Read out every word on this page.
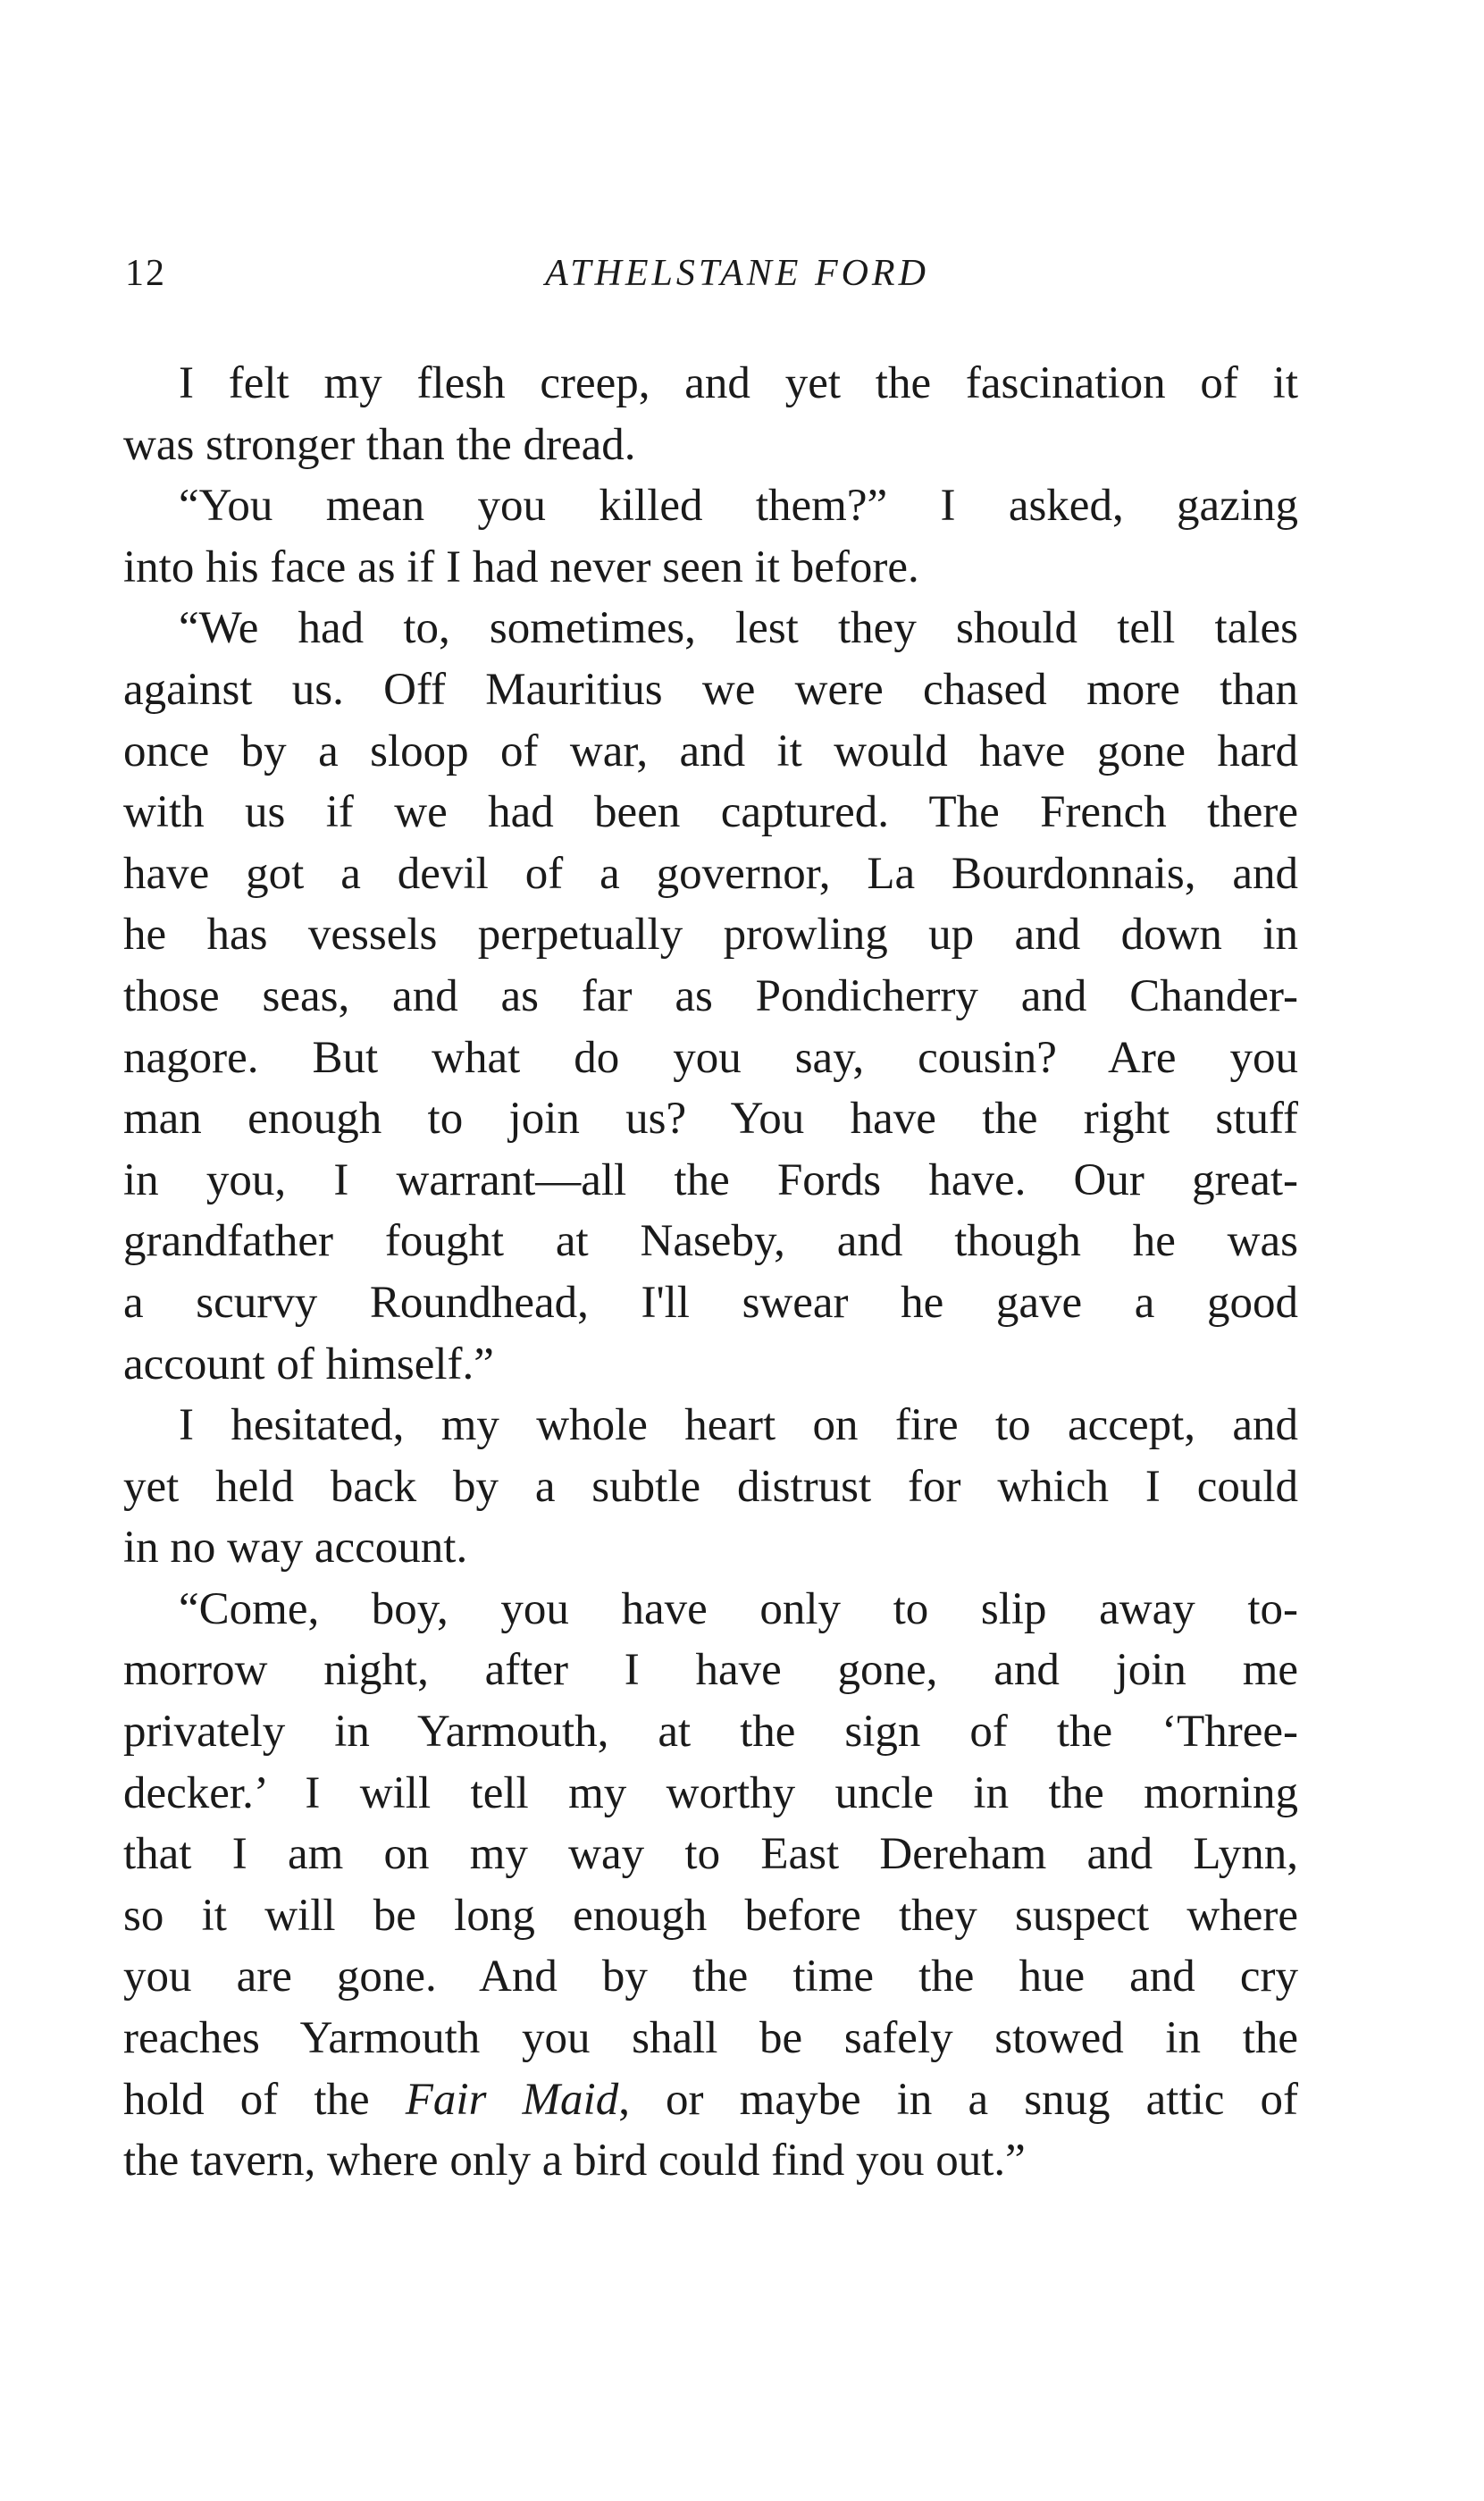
12	ATHELSTANE FORD
I felt my flesh creep, and yet the fascination of it
was stronger than the dread.
“You mean you killed them?” I asked, gazing
into his face as if I had never seen it before.
“We had to, sometimes, lest they should tell tales
against us. Off Mauritius we were chased more than
once by a sloop of war, and it would have gone hard
with us if we had been captured. The French there
have got a devil of a governor, La Bourdonnais, and
he has vessels perpetually prowling up and down in
those seas, and as far as Pondicherry and Chander-
nagore. But what do you say, cousin? Are you
man enough to join us? You have the right stuff
in you, I warrant—all the Fords have. Our great-
grandfather fought at Naseby, and though he was
a scurvy Roundhead, I'll swear he gave a good
account of himself.”
I hesitated, my whole heart on fire to accept, and
yet held back by a subtle distrust for which I could
in no way account.
“Come, boy, you have only to slip away to-
morrow night, after I have gone, and join me
privately in Yarmouth, at the sign of the ‘Three-
decker.’ I will tell my worthy uncle in the morning
that I am on my way to East Dereham and Lynn,
so it will be long enough before they suspect where
you are gone. And by the time the hue and cry
reaches Yarmouth you shall be safely stowed in the
hold of the Fair Maid, or maybe in a snug attic of
the tavern, where only a bird could find you out.”
